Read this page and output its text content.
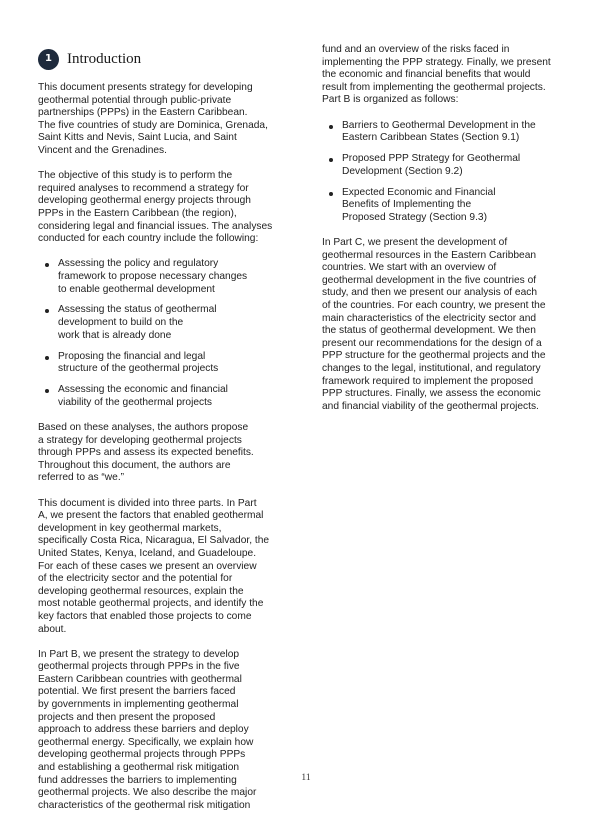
1	Introduction

This document presents strategy for developing
geothermal potential through public-private
partnerships (PPPs) in the Eastern Caribbean.
The five countries of study are Dominica, Grenada,
Saint Kitts and Nevis, Saint Lucia, and Saint
Vincent and the Grenadines.

The objective of this study is to perform the
required analyses to recommend a strategy for
developing geothermal energy projects through
PPPs in the Eastern Caribbean (the region),
considering legal and financial issues. The analyses
conducted for each country include the following:

Assessing the policy and regulatory
framework to propose necessary changes
to enable geothermal development
Assessing the status of geothermal
development to build on the
work that is already done
Proposing the financial and legal
structure of the geothermal projects
Assessing the economic and financial
viability of the geothermal projects

Based on these analyses, the authors propose
a strategy for developing geothermal projects
through PPPs and assess its expected benefits.
Throughout this document, the authors are
referred to as “we.”

This document is divided into three parts. In Part
A, we present the factors that enabled geothermal
development in key geothermal markets,
specifically Costa Rica, Nicaragua, El Salvador, the
United States, Kenya, Iceland, and Guadeloupe.
For each of these cases we present an overview
of the electricity sector and the potential for
developing geothermal resources, explain the
most notable geothermal projects, and identify the
key factors that enabled those projects to come
about.

In Part B, we present the strategy to develop
geothermal projects through PPPs in the five
Eastern Caribbean countries with geothermal
potential. We first present the barriers faced
by governments in implementing geothermal
projects and then present the proposed
approach to address these barriers and deploy
geothermal energy. Specifically, we explain how
developing geothermal projects through PPPs
and establishing a geothermal risk mitigation
fund addresses the barriers to implementing
geothermal projects. We also describe the major
characteristics of the geothermal risk mitigation

fund and an overview of the risks faced in
implementing the PPP strategy. Finally, we present
the economic and financial benefits that would
result from implementing the geothermal projects.
Part B is organized as follows:

Barriers to Geothermal Development in the
Eastern Caribbean States (Section 9.1)
Proposed PPP Strategy for Geothermal
Development (Section 9.2)
Expected Economic and Financial
Benefits of Implementing the
Proposed Strategy (Section 9.3)

In Part C, we present the development of
geothermal resources in the Eastern Caribbean
countries. We start with an overview of
geothermal development in the five countries of
study, and then we present our analysis of each
of the countries. For each country, we present the
main characteristics of the electricity sector and
the status of geothermal development. We then
present our recommendations for the design of a
PPP structure for the geothermal projects and the
changes to the legal, institutional, and regulatory
framework required to implement the proposed
PPP structures. Finally, we assess the economic
and financial viability of the geothermal projects.

11
